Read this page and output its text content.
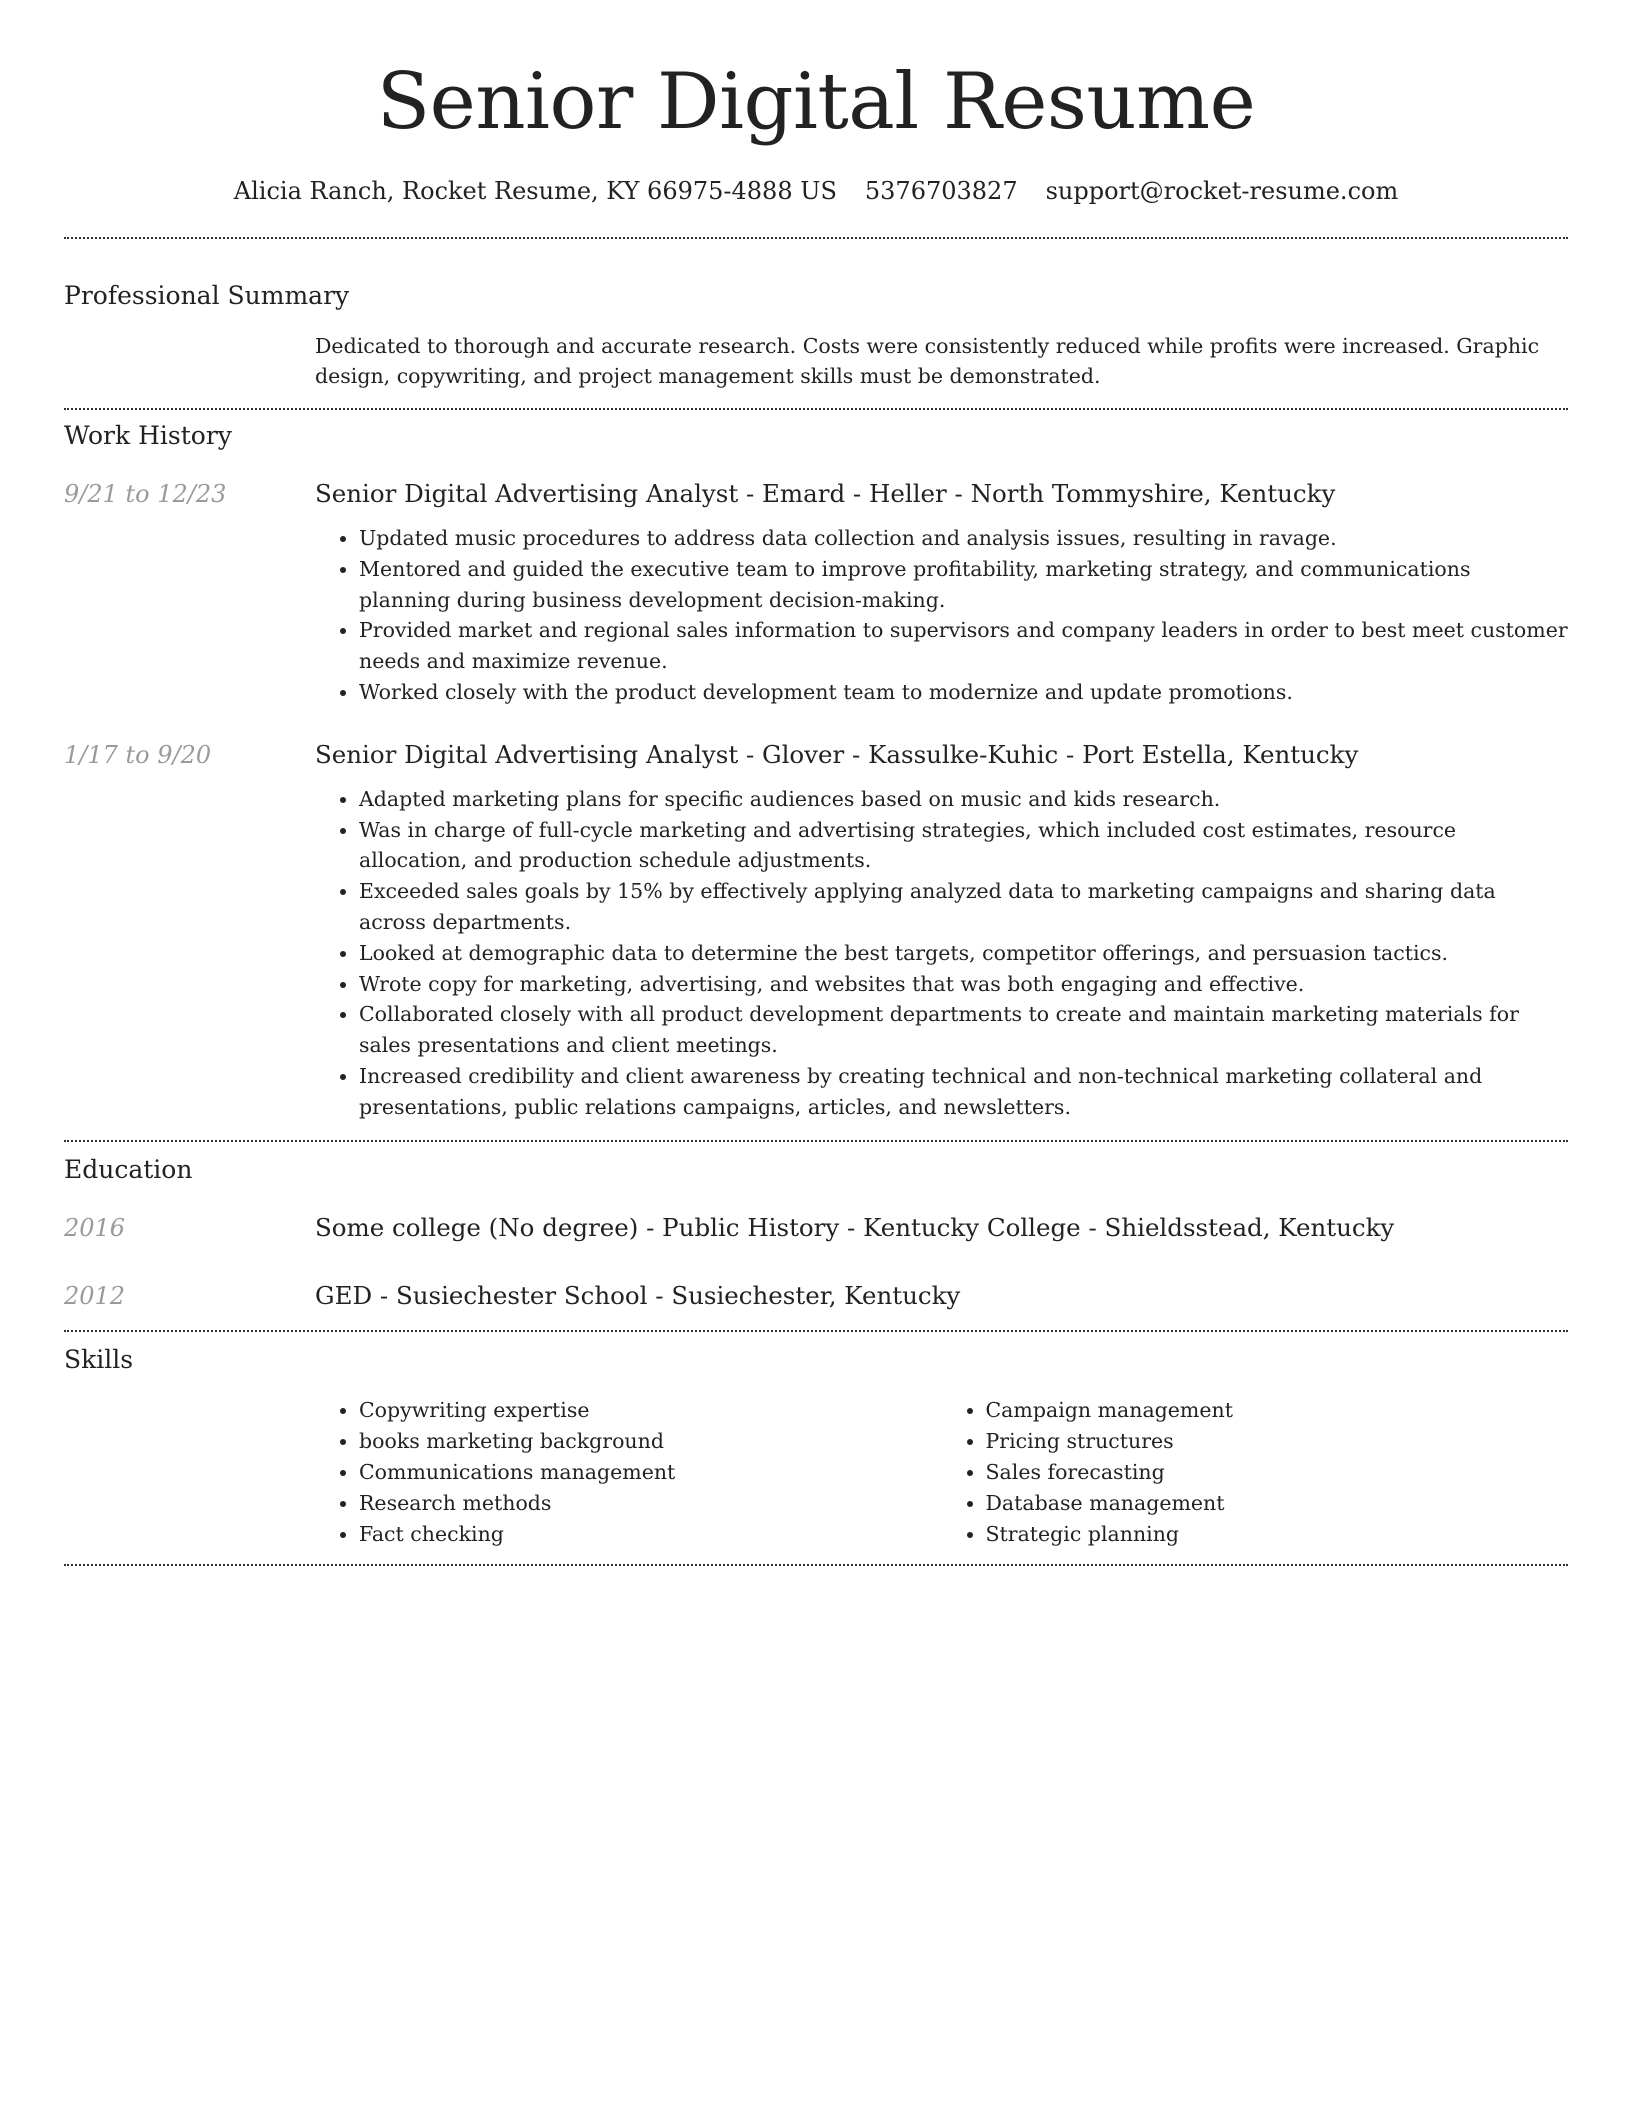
Senior Digital Resume
Alicia Ranch, Rocket Resume, KY 66975-4888 US 5376703827 support@rocket-resume.com
Professional Summary
Dedicated to thorough and accurate research. Costs were consistently reduced while profits were increased. Graphic design, copywriting, and project management skills must be demonstrated.
Work History
9/21 to 12/23	Senior Digital Advertising Analyst - Emard - Heller - North Tommyshire, Kentucky
• Updated music procedures to address data collection and analysis issues, resulting in ravage.
• Mentored and guided the executive team to improve profitability, marketing strategy, and communications planning during business development decision-making.
• Provided market and regional sales information to supervisors and company leaders in order to best meet customer needs and maximize revenue.
• Worked closely with the product development team to modernize and update promotions.
1/17 to 9/20	Senior Digital Advertising Analyst - Glover - Kassulke-Kuhic - Port Estella, Kentucky
• Adapted marketing plans for specific audiences based on music and kids research.
• Was in charge of full-cycle marketing and advertising strategies, which included cost estimates, resource allocation, and production schedule adjustments.
• Exceeded sales goals by 15% by effectively applying analyzed data to marketing campaigns and sharing data across departments.
• Looked at demographic data to determine the best targets, competitor offerings, and persuasion tactics.
• Wrote copy for marketing, advertising, and websites that was both engaging and effective.
• Collaborated closely with all product development departments to create and maintain marketing materials for sales presentations and client meetings.
• Increased credibility and client awareness by creating technical and non-technical marketing collateral and presentations, public relations campaigns, articles, and newsletters.
Education
2016	Some college (No degree) - Public History - Kentucky College - Shieldsstead, Kentucky
2012	GED - Susiechester School - Susiechester, Kentucky
Skills
• Copywriting expertise
• books marketing background
• Communications management
• Research methods
• Fact checking
• Campaign management
• Pricing structures
• Sales forecasting
• Database management
• Strategic planning
